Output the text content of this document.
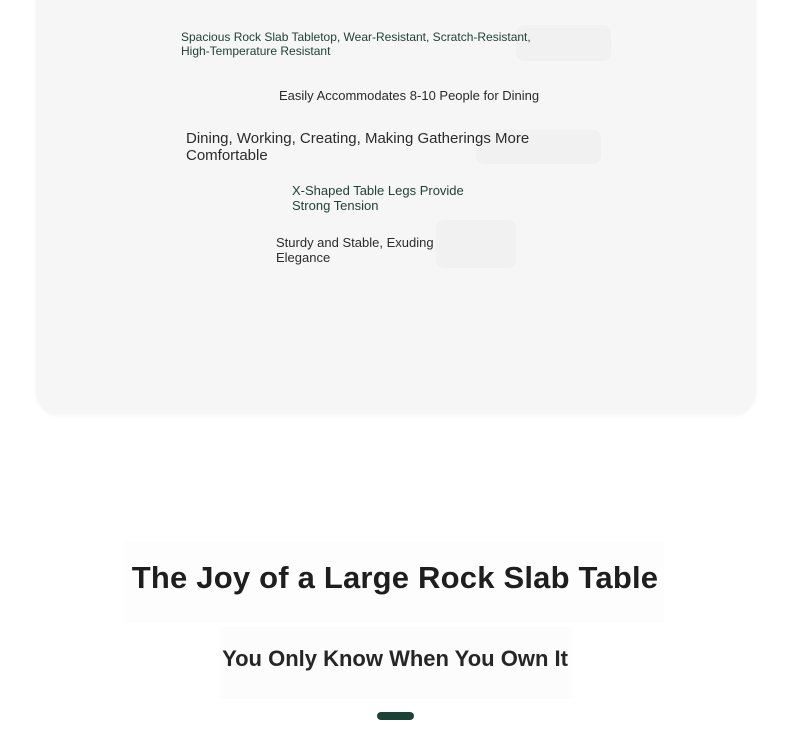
Spacious Rock Slab Tabletop, Wear-Resistant, Scratch-Resistant, High-Temperature Resistant

Easily Accommodates 8-10 People for Dining

Dining, Working, Creating, Making Gatherings More Comfortable

X-Shaped Table Legs Provide Strong Tension

Sturdy and Stable, Exuding Elegance

The Joy of a Large Rock Slab Table
You Only Know When You Own It
